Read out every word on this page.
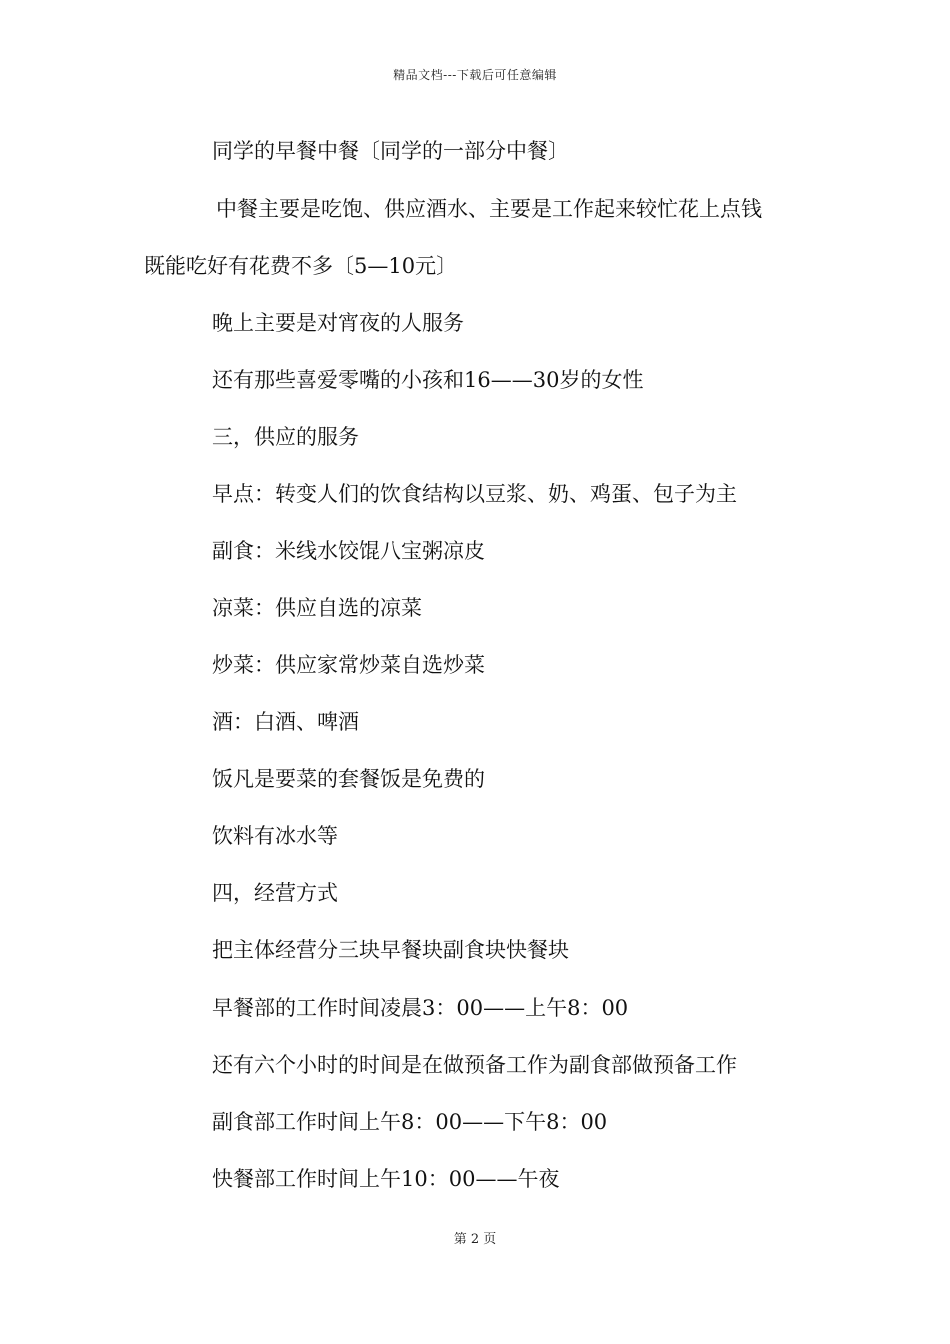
精品文档---下载后可任意编辑
同学的早餐中餐〔同学的一部分中餐〕
中餐主要是吃饱、供应酒水、主要是工作起来较忙花上点钱
既能吃好有花费不多〔5—10元〕
晚上主要是对宵夜的人服务
还有那些喜爱零嘴的小孩和16——30岁的女性
三，供应的服务
早点：转变人们的饮食结构以豆浆、奶、鸡蛋、包子为主
副食：米线水饺馄八宝粥凉皮
凉菜：供应自选的凉菜
炒菜：供应家常炒菜自选炒菜
酒：白酒、啤酒
饭凡是要菜的套餐饭是免费的
饮料有冰水等
四，经营方式
把主体经营分三块早餐块副食块快餐块
早餐部的工作时间凌晨3：00——上午8：00
还有六个小时的时间是在做预备工作为副食部做预备工作
副食部工作时间上午8：00——下午8：00
快餐部工作时间上午10：00——午夜
第 2 页
